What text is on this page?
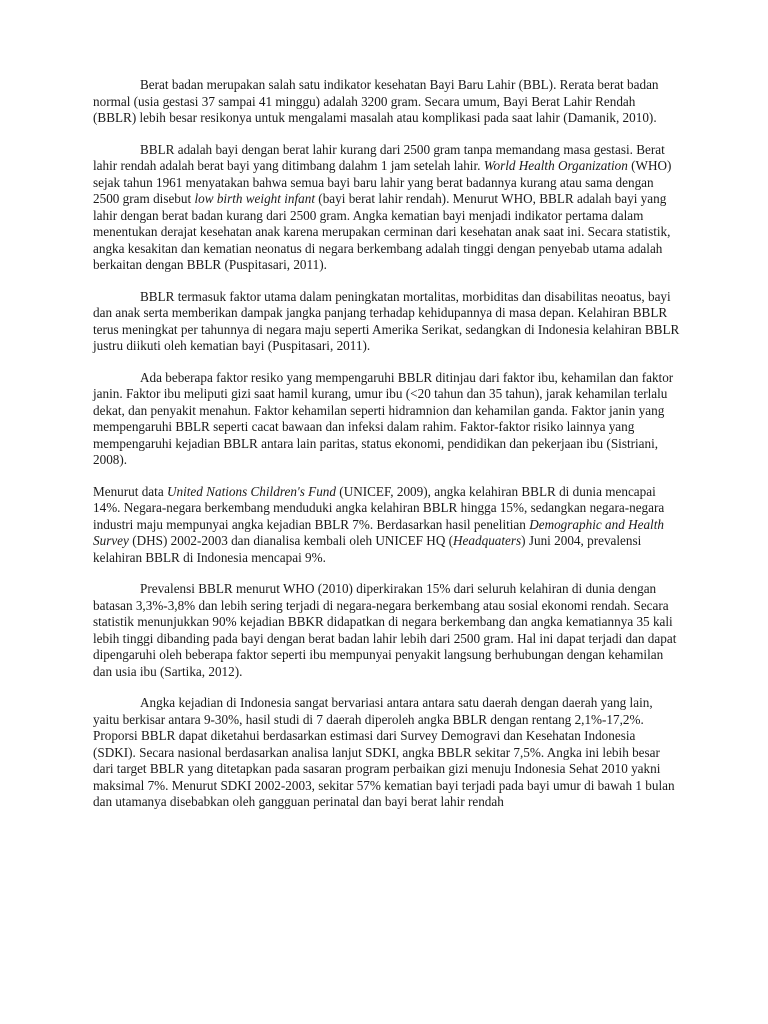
Berat badan merupakan salah satu indikator kesehatan Bayi Baru Lahir (BBL). Rerata berat badan normal (usia gestasi 37 sampai 41 minggu) adalah 3200 gram. Secara umum, Bayi Berat Lahir Rendah (BBLR) lebih besar resikonya untuk mengalami masalah atau komplikasi pada saat lahir (Damanik, 2010).

BBLR adalah bayi dengan berat lahir kurang dari 2500 gram tanpa memandang masa gestasi. Berat lahir rendah adalah berat bayi yang ditimbang dalahm 1 jam setelah lahir. World Health Organization (WHO) sejak tahun 1961 menyatakan bahwa semua bayi baru lahir yang berat badannya kurang atau sama dengan 2500 gram disebut low birth weight infant (bayi berat lahir rendah). Menurut WHO, BBLR adalah bayi yang lahir dengan berat badan kurang dari 2500 gram. Angka kematian bayi menjadi indikator pertama dalam menentukan derajat kesehatan anak karena merupakan cerminan dari kesehatan anak saat ini. Secara statistik, angka kesakitan dan kematian neonatus di negara berkembang adalah tinggi dengan penyebab utama adalah berkaitan dengan BBLR (Puspitasari, 2011).

BBLR termasuk faktor utama dalam peningkatan mortalitas, morbiditas dan disabilitas neoatus, bayi dan anak serta memberikan dampak jangka panjang terhadap kehidupannya di masa depan. Kelahiran BBLR terus meningkat per tahunnya di negara maju seperti Amerika Serikat, sedangkan di Indonesia kelahiran BBLR justru diikuti oleh kematian bayi (Puspitasari, 2011).

Ada beberapa faktor resiko yang mempengaruhi BBLR ditinjau dari faktor ibu, kehamilan dan faktor janin. Faktor ibu meliputi gizi saat hamil kurang, umur ibu (<20 tahun dan 35 tahun), jarak kehamilan terlalu dekat, dan penyakit menahun. Faktor kehamilan seperti hidramnion dan kehamilan ganda. Faktor janin yang mempengaruhi BBLR seperti cacat bawaan dan infeksi dalam rahim. Faktor-faktor risiko lainnya yang mempengaruhi kejadian BBLR antara lain paritas, status ekonomi, pendidikan dan pekerjaan ibu (Sistriani, 2008).

Menurut data United Nations Children's Fund (UNICEF, 2009), angka kelahiran BBLR di dunia mencapai 14%. Negara-negara berkembang menduduki angka kelahiran BBLR hingga 15%, sedangkan negara-negara industri maju mempunyai angka kejadian BBLR 7%. Berdasarkan hasil penelitian Demographic and Health Survey (DHS) 2002-2003 dan dianalisa kembali oleh UNICEF HQ (Headquaters) Juni 2004, prevalensi kelahiran BBLR di Indonesia mencapai 9%.

Prevalensi BBLR menurut WHO (2010) diperkirakan 15% dari seluruh kelahiran di dunia dengan batasan 3,3%-3,8% dan lebih sering terjadi di negara-negara berkembang atau sosial ekonomi rendah. Secara statistik menunjukkan 90% kejadian BBKR didapatkan di negara berkembang dan angka kematiannya 35 kali lebih tinggi dibanding pada bayi dengan berat badan lahir lebih dari 2500 gram. Hal ini dapat terjadi dan dapat dipengaruhi oleh beberapa faktor seperti ibu mempunyai penyakit langsung berhubungan dengan kehamilan dan usia ibu (Sartika, 2012).

Angka kejadian di Indonesia sangat bervariasi antara antara satu daerah dengan daerah yang lain, yaitu berkisar antara 9-30%, hasil studi di 7 daerah diperoleh angka BBLR dengan rentang 2,1%-17,2%. Proporsi BBLR dapat diketahui berdasarkan estimasi dari Survey Demogravi dan Kesehatan Indonesia (SDKI). Secara nasional berdasarkan analisa lanjut SDKI, angka BBLR sekitar 7,5%. Angka ini lebih besar dari target BBLR yang ditetapkan pada sasaran program perbaikan gizi menuju Indonesia Sehat 2010 yakni maksimal 7%. Menurut SDKI 2002-2003, sekitar 57% kematian bayi terjadi pada bayi umur di bawah 1 bulan dan utamanya disebabkan oleh gangguan perinatal dan bayi berat lahir rendah
